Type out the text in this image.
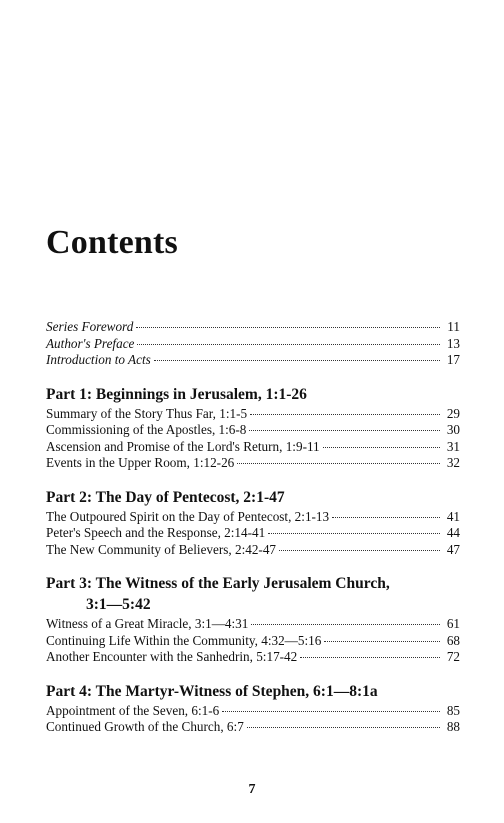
Contents
Series Foreword	11
Author's Preface	13
Introduction to Acts	17
Part 1: Beginnings in Jerusalem, 1:1-26
Summary of the Story Thus Far, 1:1-5	29
Commissioning of the Apostles, 1:6-8	30
Ascension and Promise of the Lord's Return, 1:9-11	31
Events in the Upper Room, 1:12-26	32
Part 2: The Day of Pentecost, 2:1-47
The Outpoured Spirit on the Day of Pentecost, 2:1-13	41
Peter's Speech and the Response, 2:14-41	44
The New Community of Believers, 2:42-47	47
Part 3: The Witness of the Early Jerusalem Church,
3:1—5:42
Witness of a Great Miracle, 3:1—4:31	61
Continuing Life Within the Community, 4:32—5:16	68
Another Encounter with the Sanhedrin, 5:17-42	72
Part 4: The Martyr-Witness of Stephen, 6:1—8:1a
Appointment of the Seven, 6:1-6	85
Continued Growth of the Church, 6:7	88
7
